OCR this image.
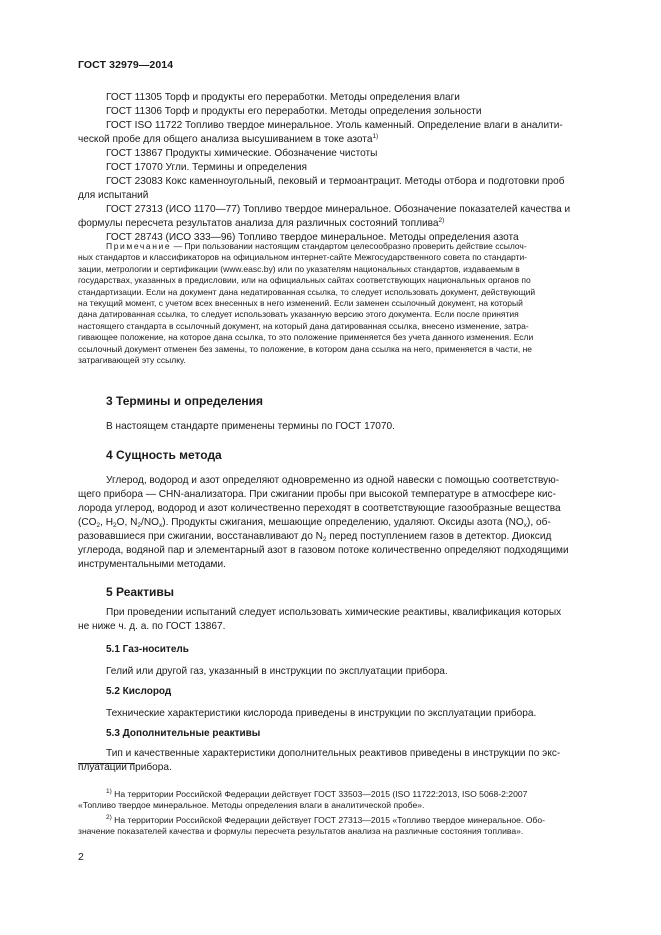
ГОСТ 32979—2014
ГОСТ 11305 Торф и продукты его переработки. Методы определения влаги
ГОСТ 11306 Торф и продукты его переработки. Методы определения зольности
ГОСТ ISO 11722 Топливо твердое минеральное. Уголь каменный. Определение влаги в аналити-
ческой пробе для общего анализа высушиванием в токе азота$^{1)}$
ГОСТ 13867 Продукты химические. Обозначение чистоты
ГОСТ 17070 Угли. Термины и определения
ГОСТ 23083 Кокс каменноугольный, пековый и термоантрацит. Методы отбора и подготовки проб
для испытаний
ГОСТ 27313 (ИСО 1170—77) Топливо твердое минеральное. Обозначение показателей качества и
формулы пересчета результатов анализа для различных состояний топлива$^{2)}$
ГОСТ 28743 (ИСО 333—96) Топливо твердое минеральное. Методы определения азота
Примечание — При пользовании настоящим стандартом целесообразно проверить действие ссылоч-
ных стандартов и классификаторов на официальном интернет-сайте Межгосударственного совета по стандарти-
зации, метрологии и сертификации (www.easc.by) или по указателям национальных стандартов, издаваемым в
государствах, указанных в предисловии, или на официальных сайтах соответствующих национальных органов по
стандартизации. Если на документ дана недатированная ссылка, то следует использовать документ, действующий
на текущий момент, с учетом всех внесенных в него изменений. Если заменен ссылочный документ, на который
дана датированная ссылка, то следует использовать указанную версию этого документа. Если после принятия
настоящего стандарта в ссылочный документ, на который дана датированная ссылка, внесено изменение, затра-
гивающее положение, на которое дана ссылка, то это положение применяется без учета данного изменения. Если
ссылочный документ отменен без замены, то положение, в котором дана ссылка на него, применяется в части, не
затрагивающей эту ссылку.
3 Термины и определения
В настоящем стандарте применены термины по ГОСТ 17070.
4 Сущность метода
Углерод, водород и азот определяют одновременно из одной навески с помощью соответствую-
щего прибора — CHN-анализатора. При сжигании пробы при высокой температуре в атмосфере кис-
лорода углерод, водород и азот количественно переходят в соответствующие газообразные вещества
($CO_2$, $H_2O$, $N_2/NO_x$). Продукты сжигания, мешающие определению, удаляют. Оксиды азота $(NO_x)$, об-
разовавшиеся при сжигании, восстанавливают до $N_2$ перед поступлением газов в детектор. Диоксид
углерода, водяной пар и элементарный азот в газовом потоке количественно определяют подходящими
инструментальными методами.
5 Реактивы
При проведении испытаний следует использовать химические реактивы, квалификация которых
не ниже ч. д. а. по ГОСТ 13867.
5.1 Газ-носитель
Гелий или другой газ, указанный в инструкции по эксплуатации прибора.
5.2 Кислород
Технические характеристики кислорода приведены в инструкции по эксплуатации прибора.
5.3 Дополнительные реактивы
Тип и качественные характеристики дополнительных реактивов приведены в инструкции по экс-
плуатации прибора.
$^{1)}$ На территории Российской Федерации действует ГОСТ 33503—2015 (ISO 11722:2013, ISO 5068-2:2007
«Топливо твердое минеральное. Методы определения влаги в аналитической пробе».
$^{2)}$ На территории Российской Федерации действует ГОСТ 27313—2015 «Топливо твердое минеральное. Обо-
значение показателей качества и формулы пересчета результатов анализа на различные состояния топлива».
2
